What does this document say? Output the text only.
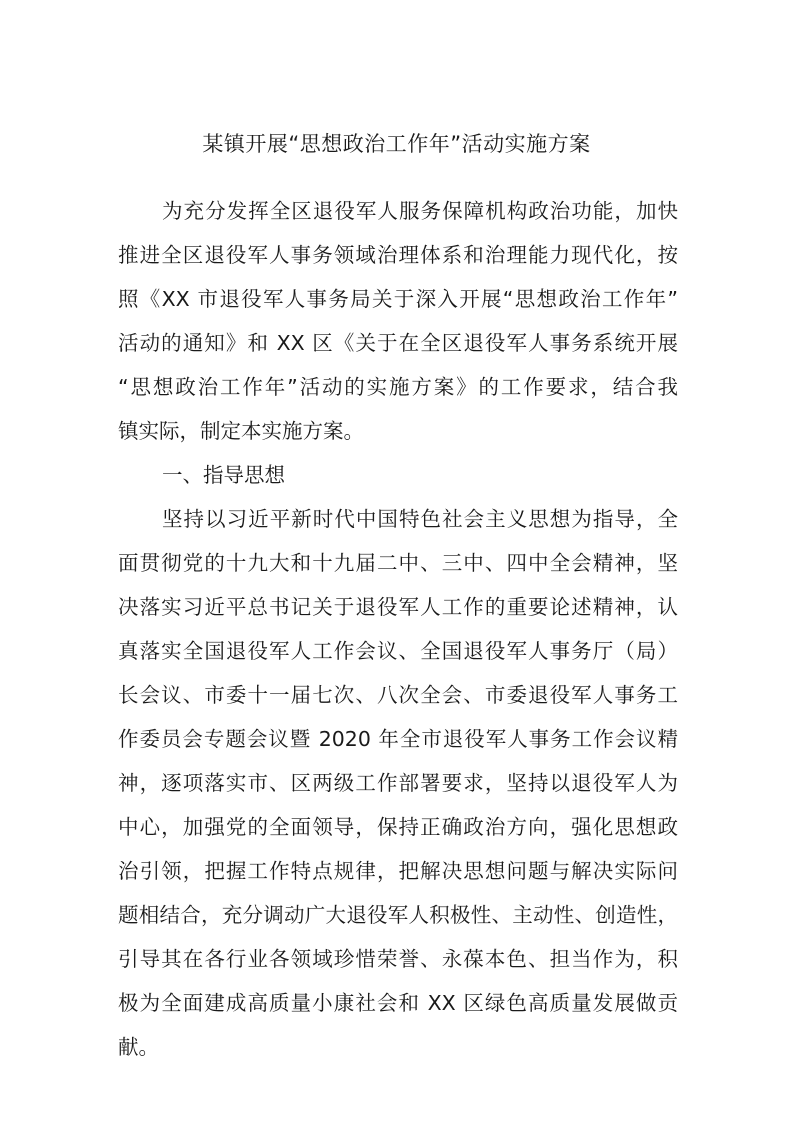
某镇开展“思想政治工作年”活动实施方案
为充分发挥全区退役军人服务保障机构政治功能，加快
推进全区退役军人事务领域治理体系和治理能力现代化，按
照《XX 市退役军人事务局关于深入开展“思想政治工作年”
活动的通知》和 XX 区《关于在全区退役军人事务系统开展
“思想政治工作年”活动的实施方案》的工作要求，结合我
镇实际，制定本实施方案。
一、指导思想
坚持以习近平新时代中国特色社会主义思想为指导，全
面贯彻党的十九大和十九届二中、三中、四中全会精神，坚
决落实习近平总书记关于退役军人工作的重要论述精神，认
真落实全国退役军人工作会议、全国退役军人事务厅（局）
长会议、市委十一届七次、八次全会、市委退役军人事务工
作委员会专题会议暨 2020 年全市退役军人事务工作会议精
神，逐项落实市、区两级工作部署要求，坚持以退役军人为
中心，加强党的全面领导，保持正确政治方向，强化思想政
治引领，把握工作特点规律，把解决思想问题与解决实际问
题相结合，充分调动广大退役军人积极性、主动性、创造性，
引导其在各行业各领域珍惜荣誉、永葆本色、担当作为，积
极为全面建成高质量小康社会和 XX 区绿色高质量发展做贡
献。
